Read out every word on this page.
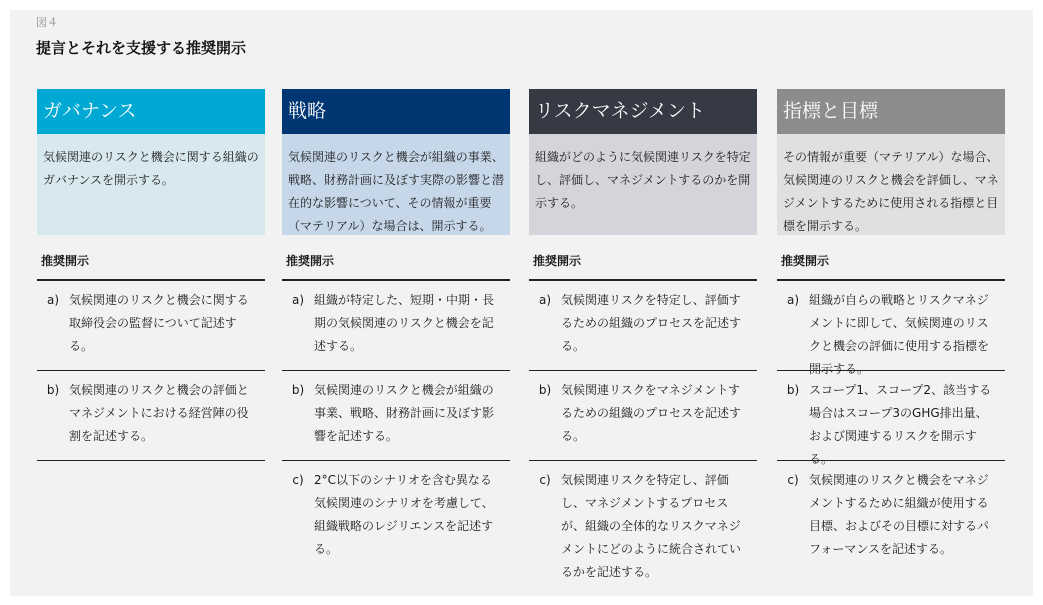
図４
提言とそれを支援する推奨開示
ガバナンス
気候関連のリスクと機会に関する組織のガバナンスを開示する。
推奨開示
a) 気候関連のリスクと機会に関する取締役会の監督について記述する。
b) 気候関連のリスクと機会の評価とマネジメントにおける経営陣の役割を記述する。
戦略
気候関連のリスクと機会が組織の事業、戦略、財務計画に及ぼす実際の影響と潜在的な影響について、その情報が重要（マテリアル）な場合は、開示する。
推奨開示
a) 組織が特定した、短期・中期・長期の気候関連のリスクと機会を記述する。
b) 気候関連のリスクと機会が組織の事業、戦略、財務計画に及ぼす影響を記述する。
c) 2°C以下のシナリオを含む異なる気候関連のシナリオを考慮して、組織戦略のレジリエンスを記述する。
リスクマネジメント
組織がどのように気候関連リスクを特定し、評価し、マネジメントするのかを開示する。
推奨開示
a) 気候関連リスクを特定し、評価するための組織のプロセスを記述する。
b) 気候関連リスクをマネジメントするための組織のプロセスを記述する。
c) 気候関連リスクを特定し、評価し、マネジメントするプロセスが、組織の全体的なリスクマネジメントにどのように統合されているかを記述する。
指標と目標
その情報が重要（マテリアル）な場合、気候関連のリスクと機会を評価し、マネジメントするために使用される指標と目標を開示する。
推奨開示
a) 組織が自らの戦略とリスクマネジメントに即して、気候関連のリスクと機会の評価に使用する指標を開示する。
b) スコープ1、スコープ2、該当する場合はスコープ3のGHG排出量、および関連するリスクを開示する。
c) 気候関連のリスクと機会をマネジメントするために組織が使用する目標、およびその目標に対するパフォーマンスを記述する。
